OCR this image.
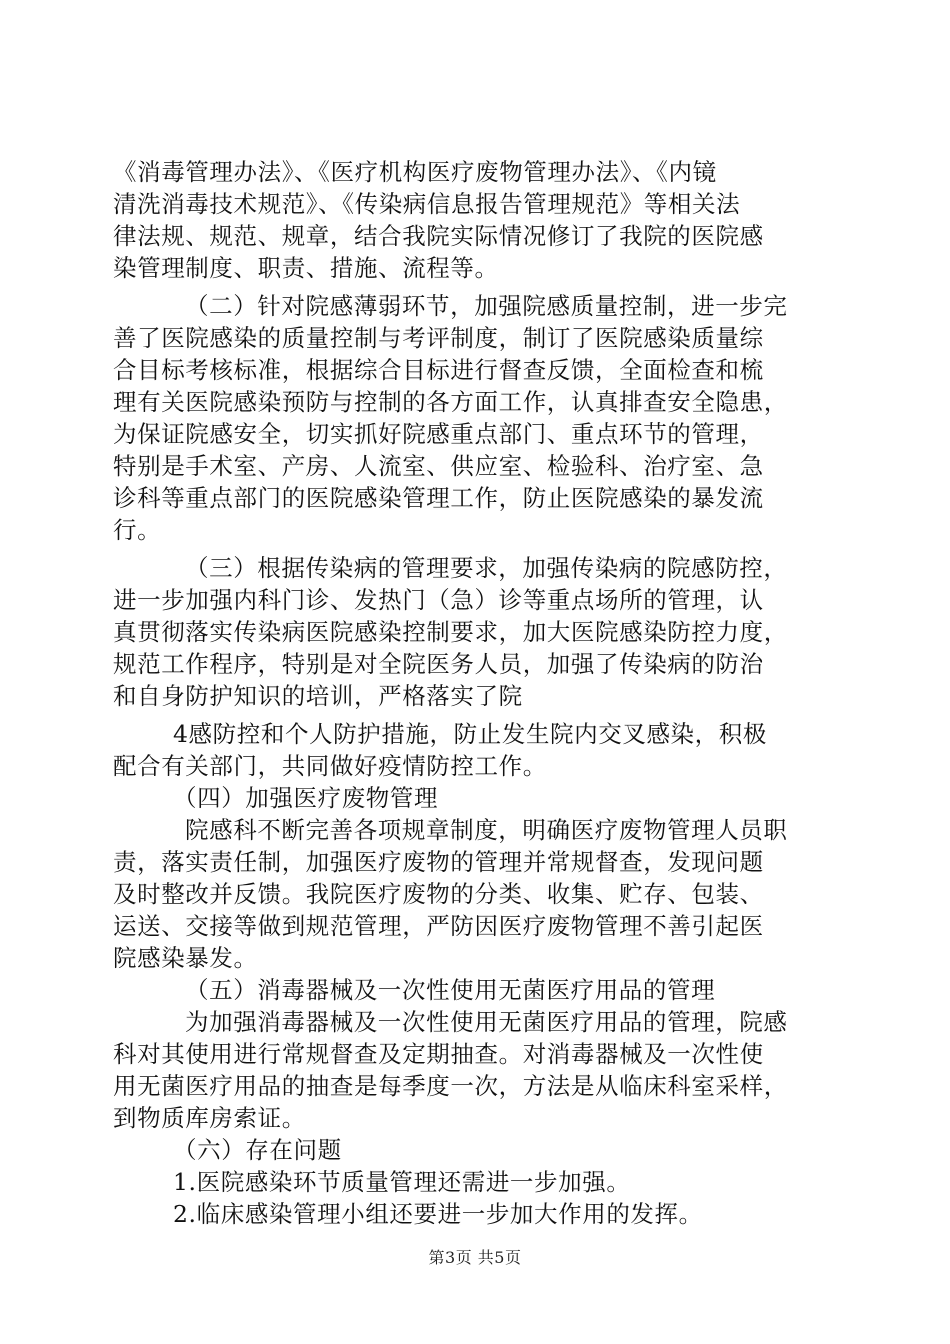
《消毒管理办法》、《医疗机构医疗废物管理办法》、《内镜

清洗消毒技术规范》、《传染病信息报告管理规范》等相关法

律法规、规范、规章，结合我院实际情况修订了我院的医院感

染管理制度、职责、措施、流程等。

（二）针对院感薄弱环节，加强院感质量控制，进一步完

善了医院感染的质量控制与考评制度，制订了医院感染质量综

合目标考核标准，根据综合目标进行督查反馈，全面检查和梳

理有关医院感染预防与控制的各方面工作，认真排查安全隐患，

为保证院感安全，切实抓好院感重点部门、重点环节的管理，

特别是手术室、产房、人流室、供应室、检验科、治疗室、急

诊科等重点部门的医院感染管理工作，防止医院感染的暴发流

行。

（三）根据传染病的管理要求，加强传染病的院感防控，

进一步加强内科门诊、发热门（急）诊等重点场所的管理，认

真贯彻落实传染病医院感染控制要求，加大医院感染防控力度，

规范工作程序，特别是对全院医务人员，加强了传染病的防治

和自身防护知识的培训，严格落实了院

4感防控和个人防护措施，防止发生院内交叉感染，积极

配合有关部门，共同做好疫情防控工作。

（四）加强医疗废物管理

院感科不断完善各项规章制度，明确医疗废物管理人员职

责，落实责任制，加强医疗废物的管理并常规督查，发现问题

及时整改并反馈。我院医疗废物的分类、收集、贮存、包装、

运送、交接等做到规范管理，严防因医疗废物管理不善引起医

院感染暴发。

（五）消毒器械及一次性使用无菌医疗用品的管理

为加强消毒器械及一次性使用无菌医疗用品的管理，院感

科对其使用进行常规督查及定期抽查。对消毒器械及一次性使

用无菌医疗用品的抽查是每季度一次，方法是从临床科室采样，

到物质库房索证。

（六）存在问题

1.医院感染环节质量管理还需进一步加强。

2.临床感染管理小组还要进一步加大作用的发挥。

第3页 共5页
